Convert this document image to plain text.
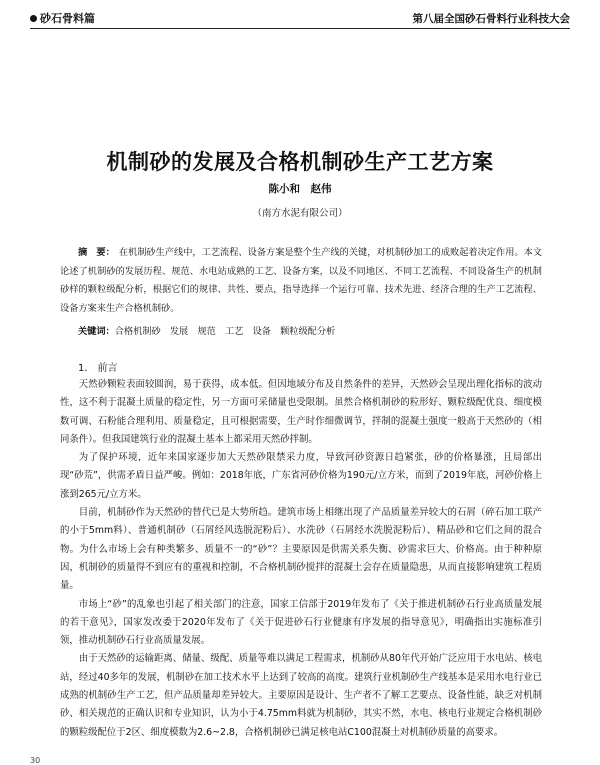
砂石骨料篇	第八届全国砂石骨料行业科技大会
机制砂的发展及合格机制砂生产工艺方案
陈小和　赵伟
（南方水泥有限公司）
摘　要： 在机制砂生产线中，工艺流程、设备方案是整个生产线的关键，对机制砂加工的成败起着决定作用。本文论述了机制砂的发展历程、规范、水电站成熟的工艺、设备方案，以及不同地区、不同工艺流程、不同设备生产的机制砂样的颗粒级配分析，根据它们的规律、共性、要点，指导选择一个运行可靠、技术先进、经济合理的生产工艺流程、设备方案来生产合格机制砂。
关键词：合格机制砂　发展　规范　工艺　设备　颗粒级配分析
1.　前言

天然砂颗粒表面较圆润，易于获得，成本低。但因地域分布及自然条件的差异，天然砂会呈现出理化指标的波动性，这不利于混凝土质量的稳定性，另一方面可采储量也受限制。虽然合格机制砂的粒形好、颗粒级配优良、细度模数可调、石粉能合理利用、质量稳定，且可根据需要，生产时作细微调节，拌制的混凝土强度一般高于天然砂的（相同条件）。但我国建筑行业的混凝土基本上都采用天然砂拌制。

为了保护环境，近年来国家逐步加大天然砂限禁采力度，导致河砂资源日趋紧张，砂的价格暴涨，且局部出现“砂荒”，供需矛盾日益严峻。例如：2018年底，广东省河砂价格为190元/立方米，而到了2019年底，河砂价格上涨到265元/立方米。

目前，机制砂作为天然砂的替代已是大势所趋。建筑市场上相继出现了产品质量差异较大的石屑（碎石加工联产的小于5mm料）、普通机制砂（石屑经风选脱泥粉后）、水洗砂（石屑经水洗脱泥粉后）、精品砂和它们之间的混合物。为什么市场上会有种类繁多、质量不一的“砂”？主要原因是供需关系失衡、砂需求巨大、价格高。由于种种原因，机制砂的质量得不到应有的重视和控制，不合格机制砂搅拌的混凝土会存在质量隐患，从而直接影响建筑工程质量。

市场上“砂”的乱象也引起了相关部门的注意，国家工信部于2019年发布了《关于推进机制砂石行业高质量发展的若干意见》，国家发改委于2020年发布了《关于促进砂石行业健康有序发展的指导意见》，明确指出实施标准引领，推动机制砂石行业高质量发展。

由于天然砂的运输距离、储量、级配、质量等难以满足工程需求，机制砂从80年代开始广泛应用于水电站、核电站，经过40多年的发展，机制砂在加工技术水平上达到了较高的高度。建筑行业机制砂生产线基本是采用水电行业已成熟的机制砂生产工艺，但产品质量却差异较大。主要原因是设计、生产者不了解工艺要点、设备性能，缺乏对机制砂、相关规范的正确认识和专业知识，认为小于4.75mm料就为机制砂，其实不然，水电、核电行业规定合格机制砂的颗粒级配位于2区、细度模数为2.6~2.8，合格机制砂已满足核电站C100混凝土对机制砂质量的高要求。

30
